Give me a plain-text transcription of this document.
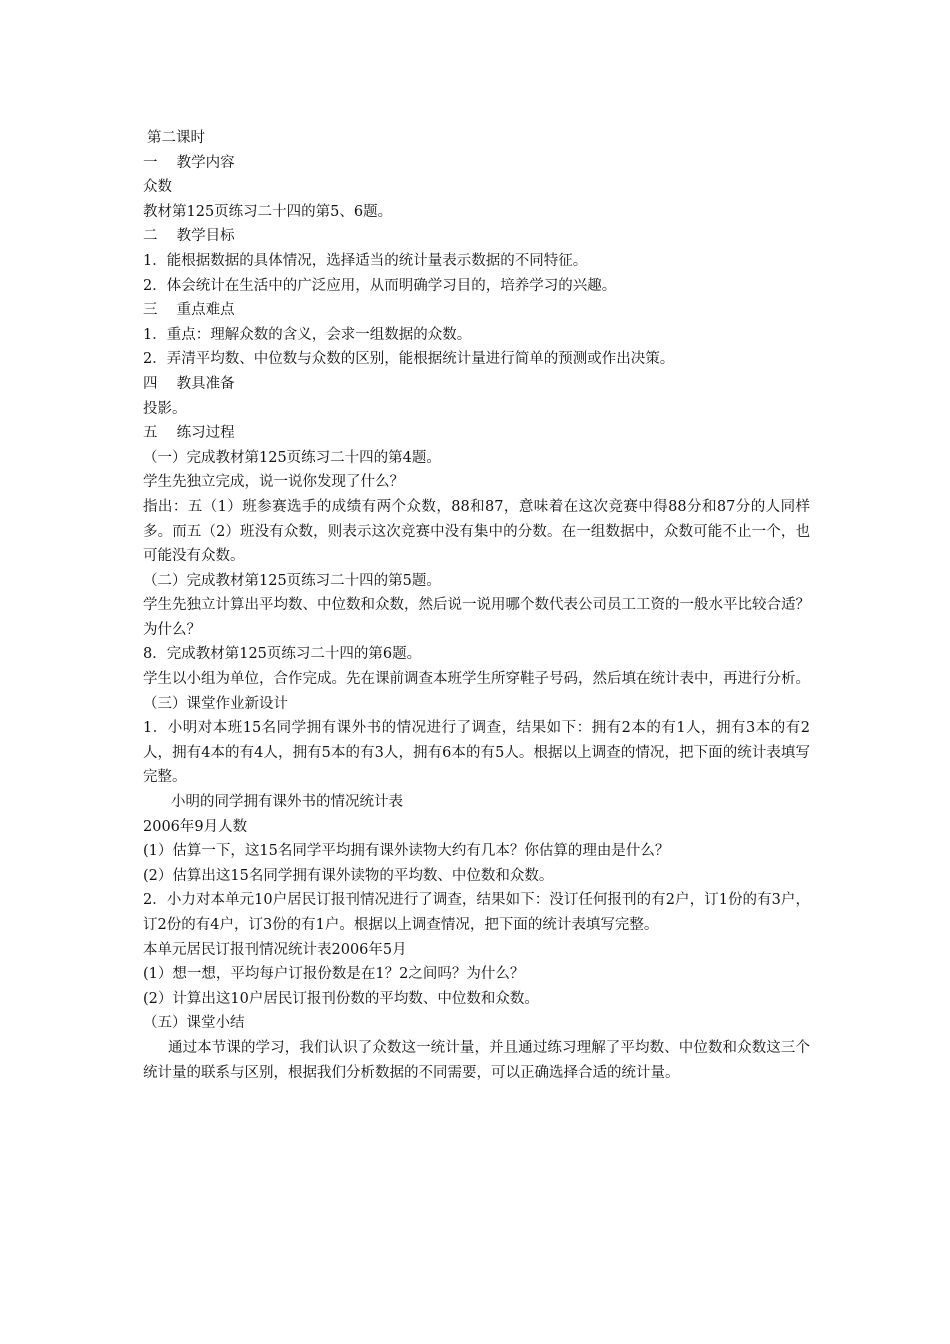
第二课时

一　 教学内容

众数

教材第125页练习二十四的第5、6题。

二　 教学目标

1．能根据数据的具体情况，选择适当的统计量表示数据的不同特征。

2．体会统计在生活中的广泛应用，从而明确学习目的，培养学习的兴趣。

三　 重点难点

1．重点：理解众数的含义，会求一组数据的众数。

2．弄清平均数、中位数与众数的区别，能根据统计量进行简单的预测或作出决策。

四　 教具准备

投影。

五　 练习过程

（一）完成教材第125页练习二十四的第4题。

学生先独立完成，说一说你发现了什么？

指出：五（1）班参赛选手的成绩有两个众数，88和87，意味着在这次竞赛中得88分和87分的人同样多。而五（2）班没有众数，则表示这次竞赛中没有集中的分数。在一组数据中，众数可能不止一个，也可能没有众数。

（二）完成教材第125页练习二十四的第5题。

学生先独立计算出平均数、中位数和众数，然后说一说用哪个数代表公司员工工资的一般水平比较合适？为什么？

8．完成教材第125页练习二十四的第6题。

学生以小组为单位，合作完成。先在课前调查本班学生所穿鞋子号码，然后填在统计表中，再进行分析。

（三）课堂作业新设计

1．小明对本班15名同学拥有课外书的情况进行了调查，结果如下：拥有2本的有1人，拥有3本的有2人，拥有4本的有4人，拥有5本的有3人，拥有6本的有5人。根据以上调查的情况，把下面的统计表填写完整。

小明的同学拥有课外书的情况统计表

2006年9月人数

(1）估算一下，这15名同学平均拥有课外读物大约有几本？你估算的理由是什么？

(2）估算出这15名同学拥有课外读物的平均数、中位数和众数。

2．小力对本单元10户居民订报刊情况进行了调查，结果如下：没订任何报刊的有2户，订1份的有3户，订2份的有4户，订3份的有1户。根据以上调查情况，把下面的统计表填写完整。

本单元居民订报刊情况统计表2006年5月

(1）想一想，平均每户订报份数是在1？2之间吗？为什么？

(2）计算出这10户居民订报刊份数的平均数、中位数和众数。

（五）课堂小结

通过本节课的学习，我们认识了众数这一统计量，并且通过练习理解了平均数、中位数和众数这三个统计量的联系与区别，根据我们分析数据的不同需要，可以正确选择合适的统计量。
